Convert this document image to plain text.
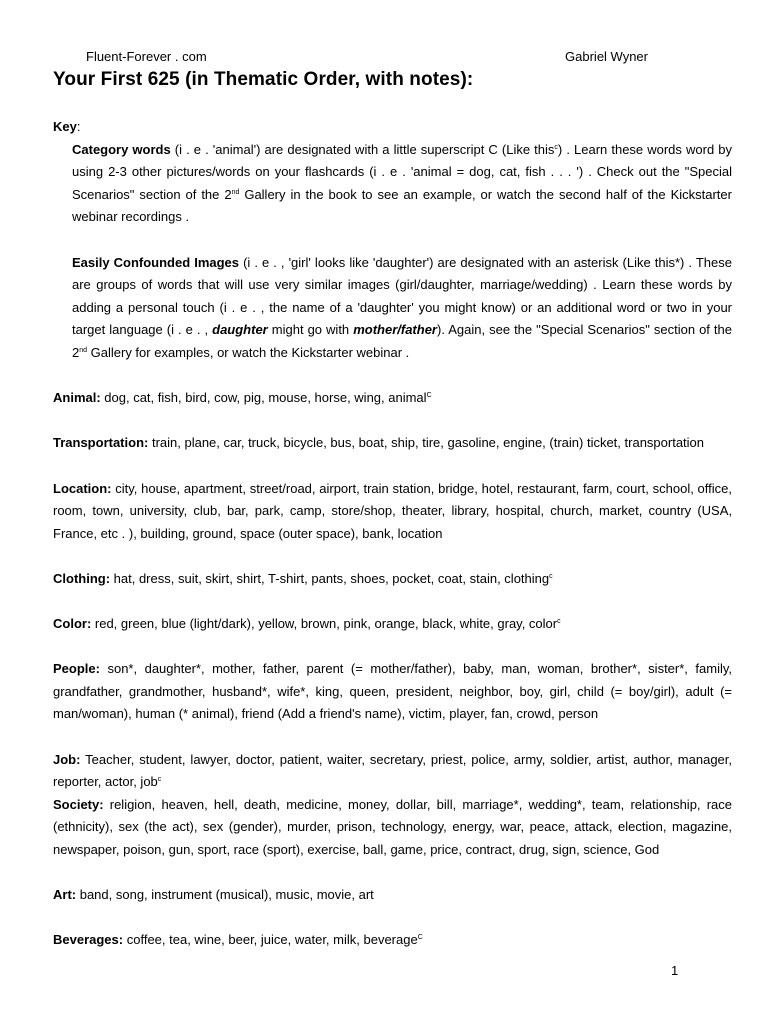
Fluent-Forever . com	Gabriel Wyner
Your First 625 (in Thematic Order, with notes):

Key:

Category words (i . e . 'animal') are designated with a little superscript C (Like this$^c$) . Learn these words word by using 2-3 other pictures/words on your flashcards (i . e . 'animal = dog, cat, fish . . . ') . Check out the "Special Scenarios" section of the 2nd Gallery in the book to see an example, or watch the second half of the Kickstarter webinar recordings .

Easily Confounded Images (i . e . , 'girl' looks like 'daughter') are designated with an asterisk (Like this*) . These are groups of words that will use very similar images (girl/daughter, marriage/wedding) . Learn these words by adding a personal touch (i . e . , the name of a 'daughter' you might know) or an additional word or two in your target language (i . e . , daughter might go with mother/father). Again, see the "Special Scenarios" section of the 2nd Gallery for examples, or watch the Kickstarter webinar .

Animal: dog, cat, fish, bird, cow, pig, mouse, horse, wing, animal$^C$

Transportation: train, plane, car, truck, bicycle, bus, boat, ship, tire, gasoline, engine, (train) ticket, transportation

Location: city, house, apartment, street/road, airport, train station, bridge, hotel, restaurant, farm, court, school, office, room, town, university, club, bar, park, camp, store/shop, theater, library, hospital, church, market, country (USA, France, etc . ), building, ground, space (outer space), bank, location

Clothing: hat, dress, suit, skirt, shirt, T-shirt, pants, shoes, pocket, coat, stain, clothing$^c$

Color: red, green, blue (light/dark), yellow, brown, pink, orange, black, white, gray, color$^c$

People: son*, daughter*, mother, father, parent (= mother/father), baby, man, woman, brother*, sister*, family, grandfather, grandmother, husband*, wife*, king, queen, president, neighbor, boy, girl, child (= boy/girl), adult (= man/woman), human (* animal), friend (Add a friend's name), victim, player, fan, crowd, person

Job: Teacher, student, lawyer, doctor, patient, waiter, secretary, priest, police, army, soldier, artist, author, manager, reporter, actor, job$^c$

Society: religion, heaven, hell, death, medicine, money, dollar, bill, marriage*, wedding*, team, relationship, race (ethnicity), sex (the act), sex (gender), murder, prison, technology, energy, war, peace, attack, election, magazine, newspaper, poison, gun, sport, race (sport), exercise, ball, game, price, contract, drug, sign, science, God

Art: band, song, instrument (musical), music, movie, art

Beverages: coffee, tea, wine, beer, juice, water, milk, beverage$^C$

1
